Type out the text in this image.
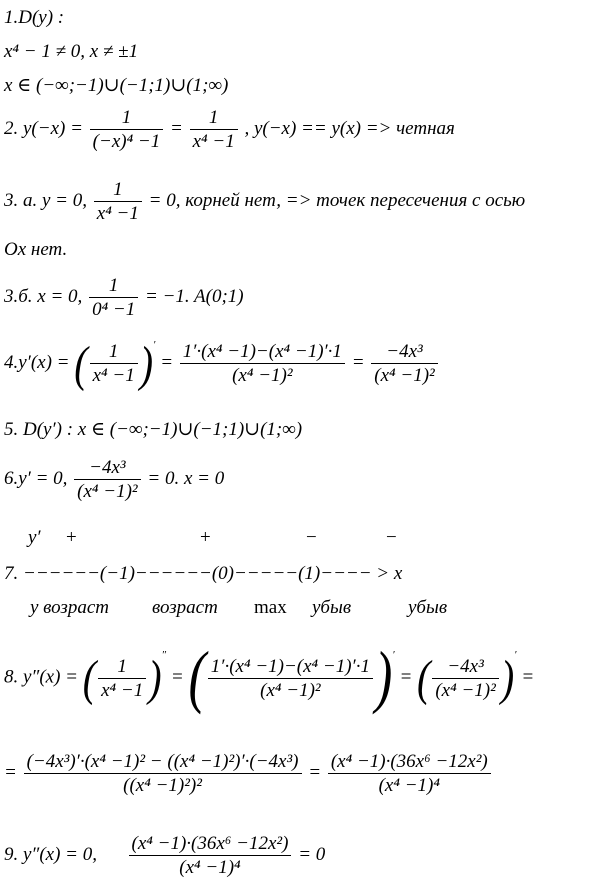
1.D(y) :
x⁴ − 1 ≠ 0, x ≠ ±1
x ∈ (−∞;−1)∪(−1;1)∪(1;∞)
2. $y(-x) = \frac{1}{\text{(−x)⁴ −1}} = \frac{1}{\text{x⁴ −1}}$ , y(−x) == y(x) => четная
3. а. y = 0, $\frac{1}{\text{x⁴ −1}} = 0$, корней нет, => точек пересечения с осью
Ox нет.
3.б. x = 0, $\frac{1}{\text{0⁴ −1}} = -1$. A(0;1)
4.y′(x) = ( $\frac{1}{\text{x⁴ −1}} )' = \frac{\text{1′·(x⁴ −1)−(x⁴ −1)′·1}}{\text{(x⁴ −1)²}} = \frac{\text{−4x³}}{\text{(x⁴ −1)²}}$
5. D(y′) : x ∈ (−∞;−1)∪(−1;1)∪(1;∞)
6.y′ = 0, $\frac{\text{−4x³}}{\text{(x⁴ −1)²}} = 0$. x = 0
y′ +	+	−	−
7. −−−−−−(−1)−−−−−−(0)−−−−−(1)−−−− > x
y возраст возраст max убыв	убыв
8. y″(x) = ( $\frac{1}{\text{x⁴ −1}} )''$ = ( $\frac{\text{1′·(x⁴ −1)−(x⁴ −1)′·1}}{\text{(x⁴ −1)²}} )'$ = ( $\frac{\text{−4x³}}{\text{(x⁴ −1)²}} )'$ =
= $\frac{\text{(−4x³)′·(x⁴ −1)² − ((x⁴ −1)²)′·(−4x³)}}{\text{((x⁴ −1)²)²}} = \frac{\text{(x⁴ −1)·(36x⁶ −12x²)}}{\text{(x⁴ −1)⁴}}$
9. y″(x) = 0, $\frac{\text{(x⁴ −1)·(36x⁶ −12x²)}}{\text{(x⁴ −1)⁴}} = 0$
